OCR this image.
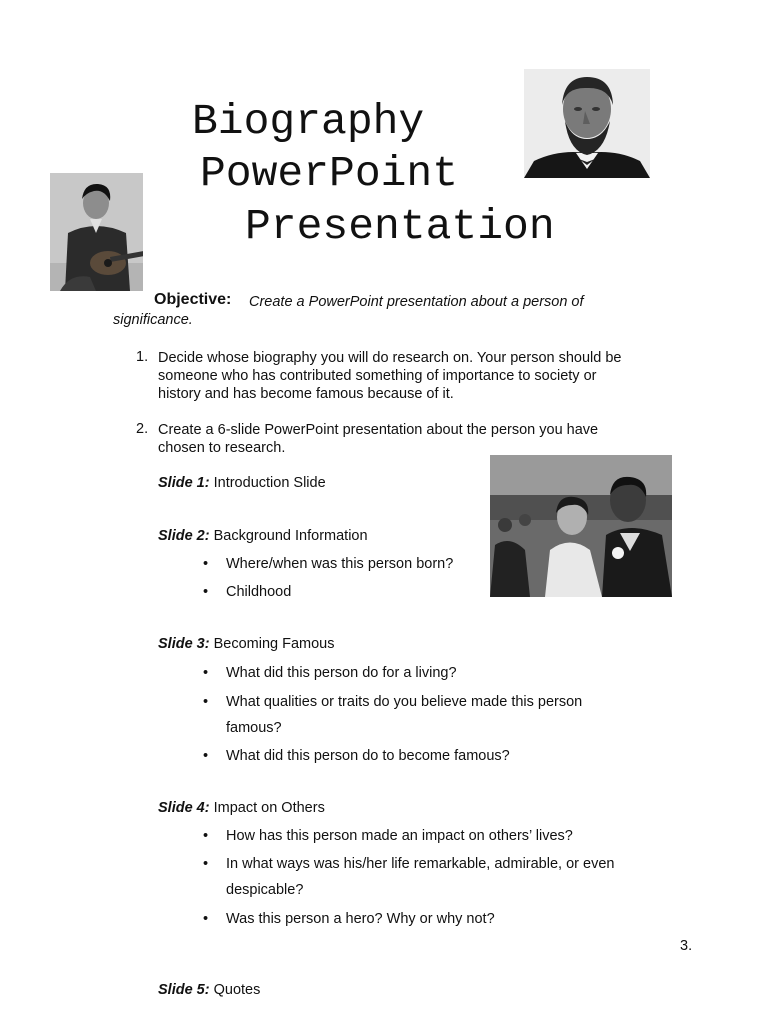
Biography
PowerPoint
Presentation
Objective: Create a PowerPoint presentation about a person of
significance.
1. Decide whose biography you will do research on. Your person should be
someone who has contributed something of importance to society or
history and has become famous because of it.
2. Create a 6-slide PowerPoint presentation about the person you have
chosen to research.
Slide 1: Introduction Slide
Slide 2: Background Information
• Where/when was this person born?
• Childhood
Slide 3: Becoming Famous
• What did this person do for a living?
• What qualities or traits do you believe made this person
famous?
• What did this person do to become famous?
Slide 4: Impact on Others
• How has this person made an impact on others’ lives?
• In what ways was his/her life remarkable, admirable, or even
despicable?
• Was this person a hero? Why or why not?
3.
Slide 5: Quotes
